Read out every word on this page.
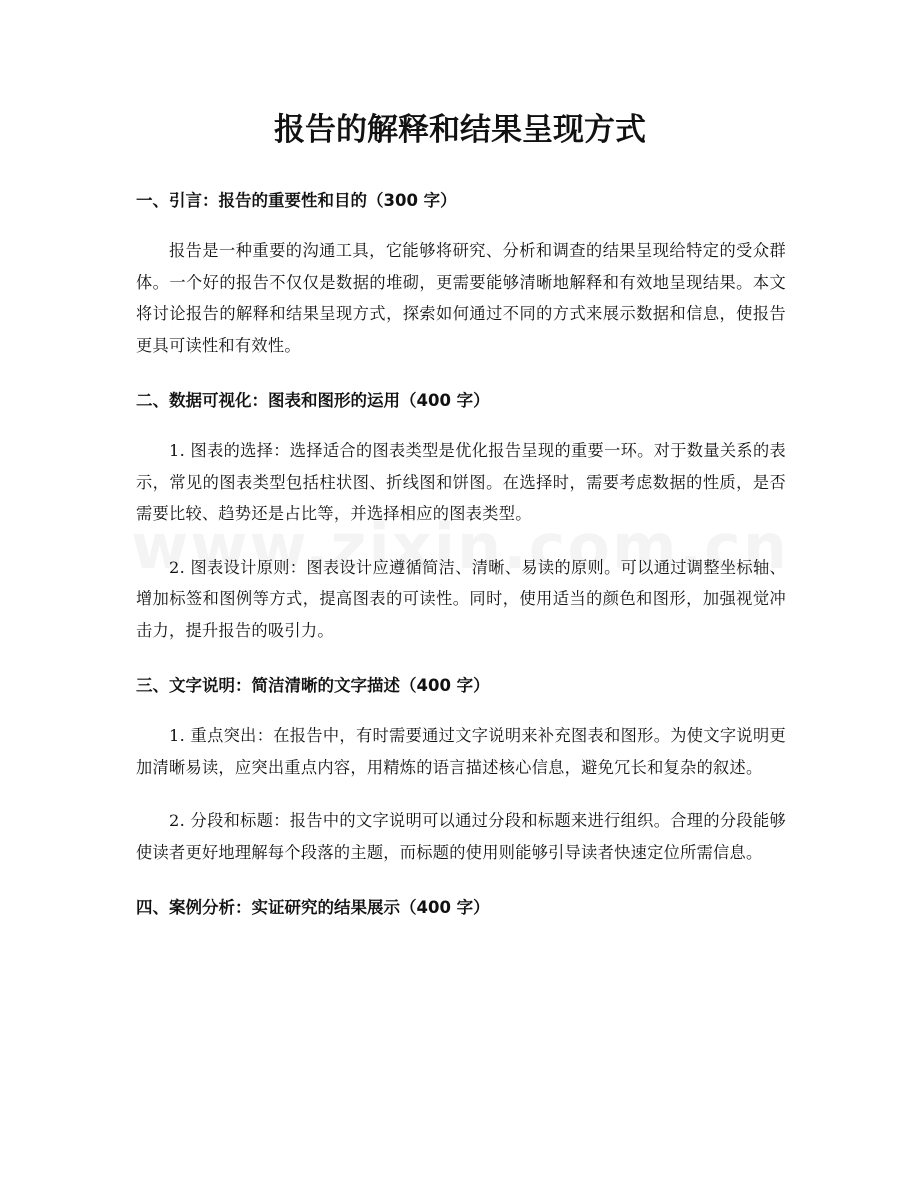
报告的解释和结果呈现方式
一、引言：报告的重要性和目的（300 字）

报告是一种重要的沟通工具，它能够将研究、分析和调查的结果呈现给特定的受众群体。一个好的报告不仅仅是数据的堆砌，更需要能够清晰地解释和有效地呈现结果。本文将讨论报告的解释和结果呈现方式，探索如何通过不同的方式来展示数据和信息，使报告更具可读性和有效性。

二、数据可视化：图表和图形的运用（400 字）

1. 图表的选择：选择适合的图表类型是优化报告呈现的重要一环。对于数量关系的表示，常见的图表类型包括柱状图、折线图和饼图。在选择时，需要考虑数据的性质，是否需要比较、趋势还是占比等，并选择相应的图表类型。

2. 图表设计原则：图表设计应遵循简洁、清晰、易读的原则。可以通过调整坐标轴、增加标签和图例等方式，提高图表的可读性。同时，使用适当的颜色和图形，加强视觉冲击力，提升报告的吸引力。

三、文字说明：简洁清晰的文字描述（400 字）

1. 重点突出：在报告中，有时需要通过文字说明来补充图表和图形。为使文字说明更加清晰易读，应突出重点内容，用精炼的语言描述核心信息，避免冗长和复杂的叙述。

2. 分段和标题：报告中的文字说明可以通过分段和标题来进行组织。合理的分段能够使读者更好地理解每个段落的主题，而标题的使用则能够引导读者快速定位所需信息。

四、案例分析：实证研究的结果展示（400 字）
